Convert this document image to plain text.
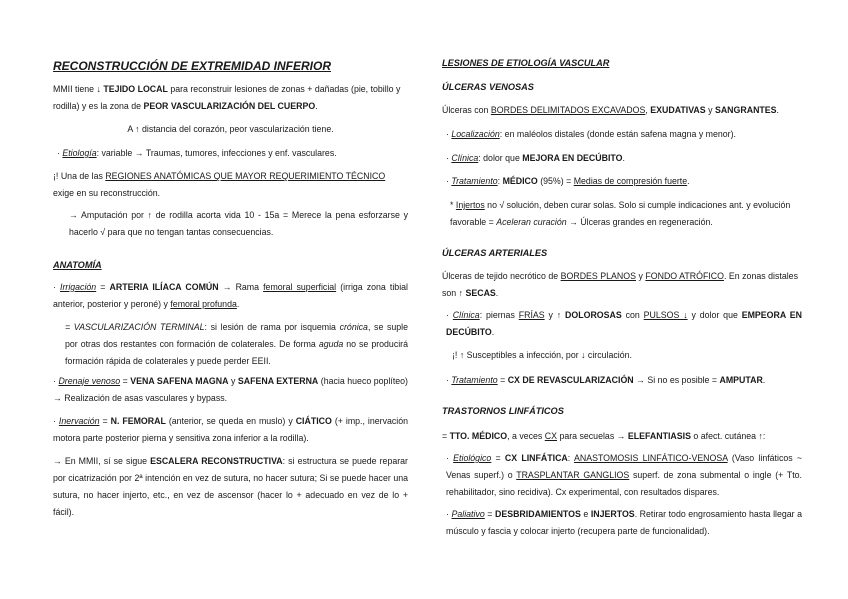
RECONSTRUCCIÓN DE EXTREMIDAD INFERIOR

MMII tiene ↓ TEJIDO LOCAL para reconstruir lesiones de zonas + dañadas (pie, tobillo y rodilla) y es la zona de PEOR VASCULARIZACIÓN DEL CUERPO.

A ↑ distancia del corazón, peor vascularización tiene.

· Etiología: variable → Traumas, tumores, infecciones y enf. vasculares.

¡! Una de las REGIONES ANATÓMICAS QUE MAYOR REQUERIMIENTO TÉCNICO exige en su reconstrucción.

→ Amputación por ↑ de rodilla acorta vida 10 - 15a = Merece la pena esforzarse y hacerlo √ para que no tengan tantas consecuencias.

ANATOMÍA

· Irrigación = ARTERIA ILÍACA COMÚN → Rama femoral superficial (irriga zona tibial anterior, posterior y peroné) y femoral profunda.

= VASCULARIZACIÓN TERMINAL: si lesión de rama por isquemia crónica, se suple por otras dos restantes con formación de colaterales. De forma aguda no se producirá formación rápida de colaterales y puede perder EEII.

· Drenaje venoso = VENA SAFENA MAGNA y SAFENA EXTERNA (hacia hueco poplíteo) → Realización de asas vasculares y bypass.

· Inervación = N. FEMORAL (anterior, se queda en muslo) y CIÁTICO (+ imp., inervación motora parte posterior pierna y sensitiva zona inferior a la rodilla).

→ En MMII, sí se sigue ESCALERA RECONSTRUCTIVA: si estructura se puede reparar por cicatrización por 2ª intención en vez de sutura, no hacer sutura; Si se puede hacer una sutura, no hacer injerto, etc., en vez de ascensor (hacer lo + adecuado en vez de lo + fácil).

LESIONES DE ETIOLOGÍA VASCULAR
ÚLCERAS VENOSAS

Úlceras con BORDES DELIMITADOS EXCAVADOS, EXUDATIVAS y SANGRANTES.

· Localización: en maléolos distales (donde están safena magna y menor).

· Clínica: dolor que MEJORA EN DECÚBITO.

· Tratamiento: MÉDICO (95%) = Medias de compresión fuerte.

* Injertos no √ solución, deben curar solas. Solo si cumple indicaciones ant. y evolución favorable = Aceleran curación → Úlceras grandes en regeneración.

ÚLCERAS ARTERIALES

Úlceras de tejido necrótico de BORDES PLANOS y FONDO ATRÓFICO. En zonas distales son ↑ SECAS.

· Clínica: piernas FRÍAS y ↑ DOLOROSAS con PULSOS ↓ y dolor que EMPEORA EN DECÚBITO.

¡! ↑ Susceptibles a infección, por ↓ circulación.

· Tratamiento = CX DE REVASCULARIZACIÓN → Si no es posible = AMPUTAR.

TRASTORNOS LINFÁTICOS

= TTO. MÉDICO, a veces CX para secuelas → ELEFANTIASIS o afect. cutánea ↑:

· Etiológico = CX LINFÁTICA: ANASTOMOSIS LINFÁTICO-VENOSA (Vaso linfáticos ~ Venas superf.) o TRASPLANTAR GANGLIOS superf. de zona submental o ingle (+ Tto. rehabilitador, sino recidiva). Cx experimental, con resultados dispares.

· Paliativo = DESBRIDAMIENTOS e INJERTOS. Retirar todo engrosamiento hasta llegar a músculo y fascia y colocar injerto (recupera parte de funcionalidad).
